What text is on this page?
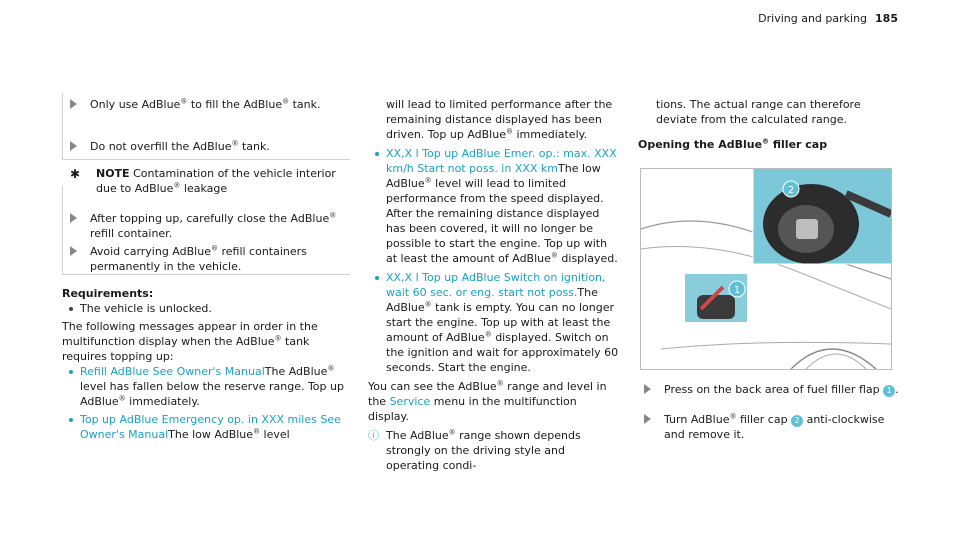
Driving and parking 185
Only use AdBlue® to fill the AdBlue® tank.
Do not overfill the AdBlue® tank.
✱ NOTE Contamination of the vehicle interior due to AdBlue® leakage
After topping up, carefully close the AdBlue® refill container.
Avoid carrying AdBlue® refill containers permanently in the vehicle.
Requirements:
The vehicle is unlocked.
The following messages appear in order in the multifunction display when the AdBlue® tank requires topping up:
Refill AdBlue See Owner's ManualThe AdBlue® level has fallen below the reserve range. Top up AdBlue® immediately.
Top up AdBlue Emergency op. in XXX miles See Owner's ManualThe low AdBlue® level
will lead to limited performance after the remaining distance displayed has been driven. Top up AdBlue® immediately.
XX,X l Top up AdBlue Emer. op.: max. XXX km/h Start not poss. in XXX kmThe low AdBlue® level will lead to limited performance from the speed displayed. After the remaining distance displayed has been covered, it will no longer be possible to start the engine. Top up with at least the amount of AdBlue® displayed.
XX,X l Top up AdBlue Switch on ignition, wait 60 sec. or eng. start not poss.The AdBlue® tank is empty. You can no longer start the engine. Top up with at least the amount of AdBlue® displayed. Switch on the ignition and wait for approximately 60 seconds. Start the engine.
You can see the AdBlue® range and level in the Service menu in the multifunction display.
ⓘ The AdBlue® range shown depends strongly on the driving style and operating condi-
tions. The actual range can therefore deviate from the calculated range.
Opening the AdBlue® filler cap
1
2
Press on the back area of fuel filler flap 1 .
Turn AdBlue® filler cap 2 anti-clockwise and remove it.
